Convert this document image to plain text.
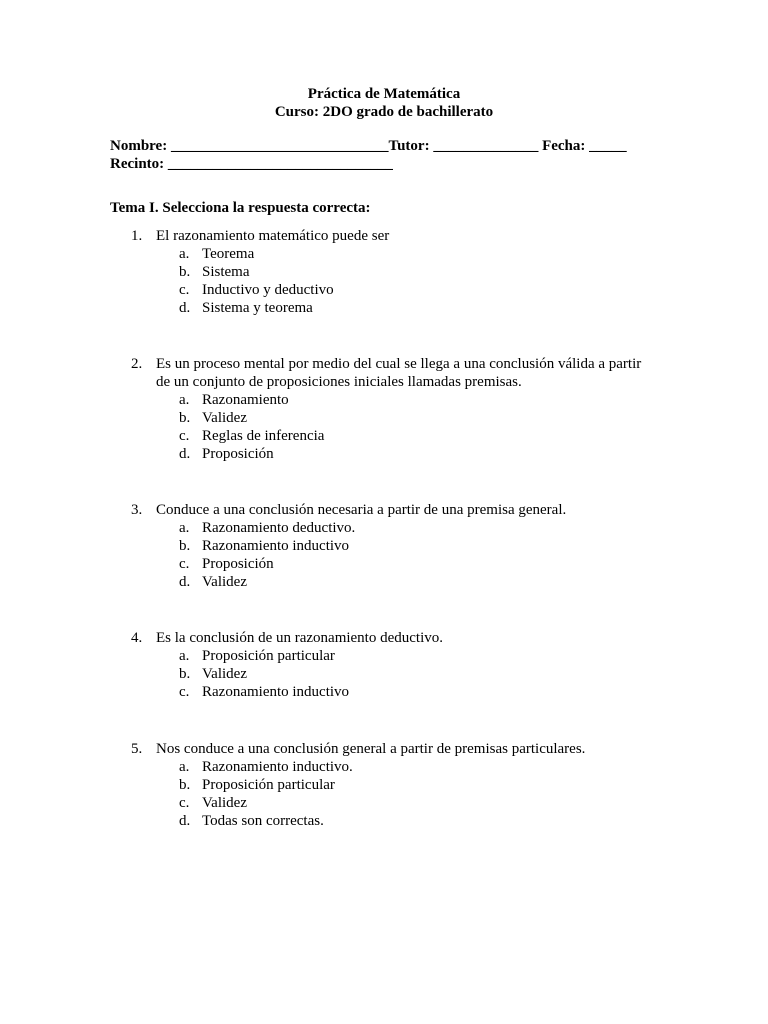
Práctica de Matemática
Curso: 2DO grado de bachillerato
Nombre: _____________________________Tutor: ______________ Fecha: _____
Recinto: ______________________________
Tema I. Selecciona la respuesta correcta:
1. El razonamiento matemático puede ser
a. Teorema
b. Sistema
c. Inductivo y deductivo
d. Sistema y teorema
2. Es un proceso mental por medio del cual se llega a una conclusión válida a partir
de un conjunto de proposiciones iniciales llamadas premisas.
a. Razonamiento
b. Validez
c. Reglas de inferencia
d. Proposición
3. Conduce a una conclusión necesaria a partir de una premisa general.
a. Razonamiento deductivo.
b. Razonamiento inductivo
c. Proposición
d. Validez
4. Es la conclusión de un razonamiento deductivo.
a. Proposición particular
b. Validez
c. Razonamiento inductivo
5. Nos conduce a una conclusión general a partir de premisas particulares.
a. Razonamiento inductivo.
b. Proposición particular
c. Validez
d. Todas son correctas.
